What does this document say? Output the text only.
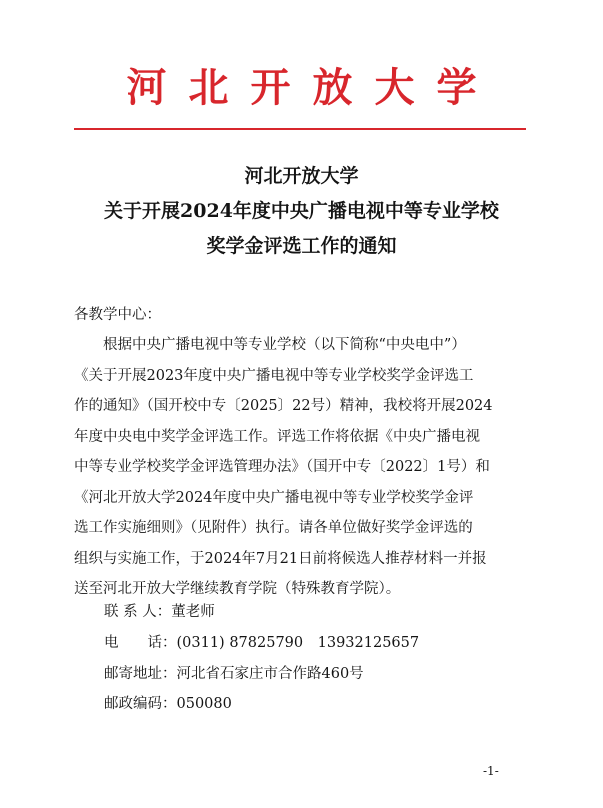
河北开放大学
河北开放大学
关于开展2024年度中央广播电视中等专业学校
奖学金评选工作的通知
各教学中心：
　　根据中央广播电视中等专业学校（以下简称“中央电中”）
《关于开展2023年度中央广播电视中等专业学校奖学金评选工
作的通知》（国开校中专〔2025〕22号）精神，我校将开展2024
年度中央电中奖学金评选工作。评选工作将依据《中央广播电视
中等专业学校奖学金评选管理办法》（国开中专〔2022〕1号）和
《河北开放大学2024年度中央广播电视中等专业学校奖学金评
选工作实施细则》（见附件）执行。请各单位做好奖学金评选的
组织与实施工作，于2024年7月21日前将候选人推荐材料一并报
送至河北开放大学继续教育学院（特殊教育学院）。
联 系 人：董老师
电　　话：(0311) 87825790　13932125657
邮寄地址：河北省石家庄市合作路460号
邮政编码：050080
-1-
